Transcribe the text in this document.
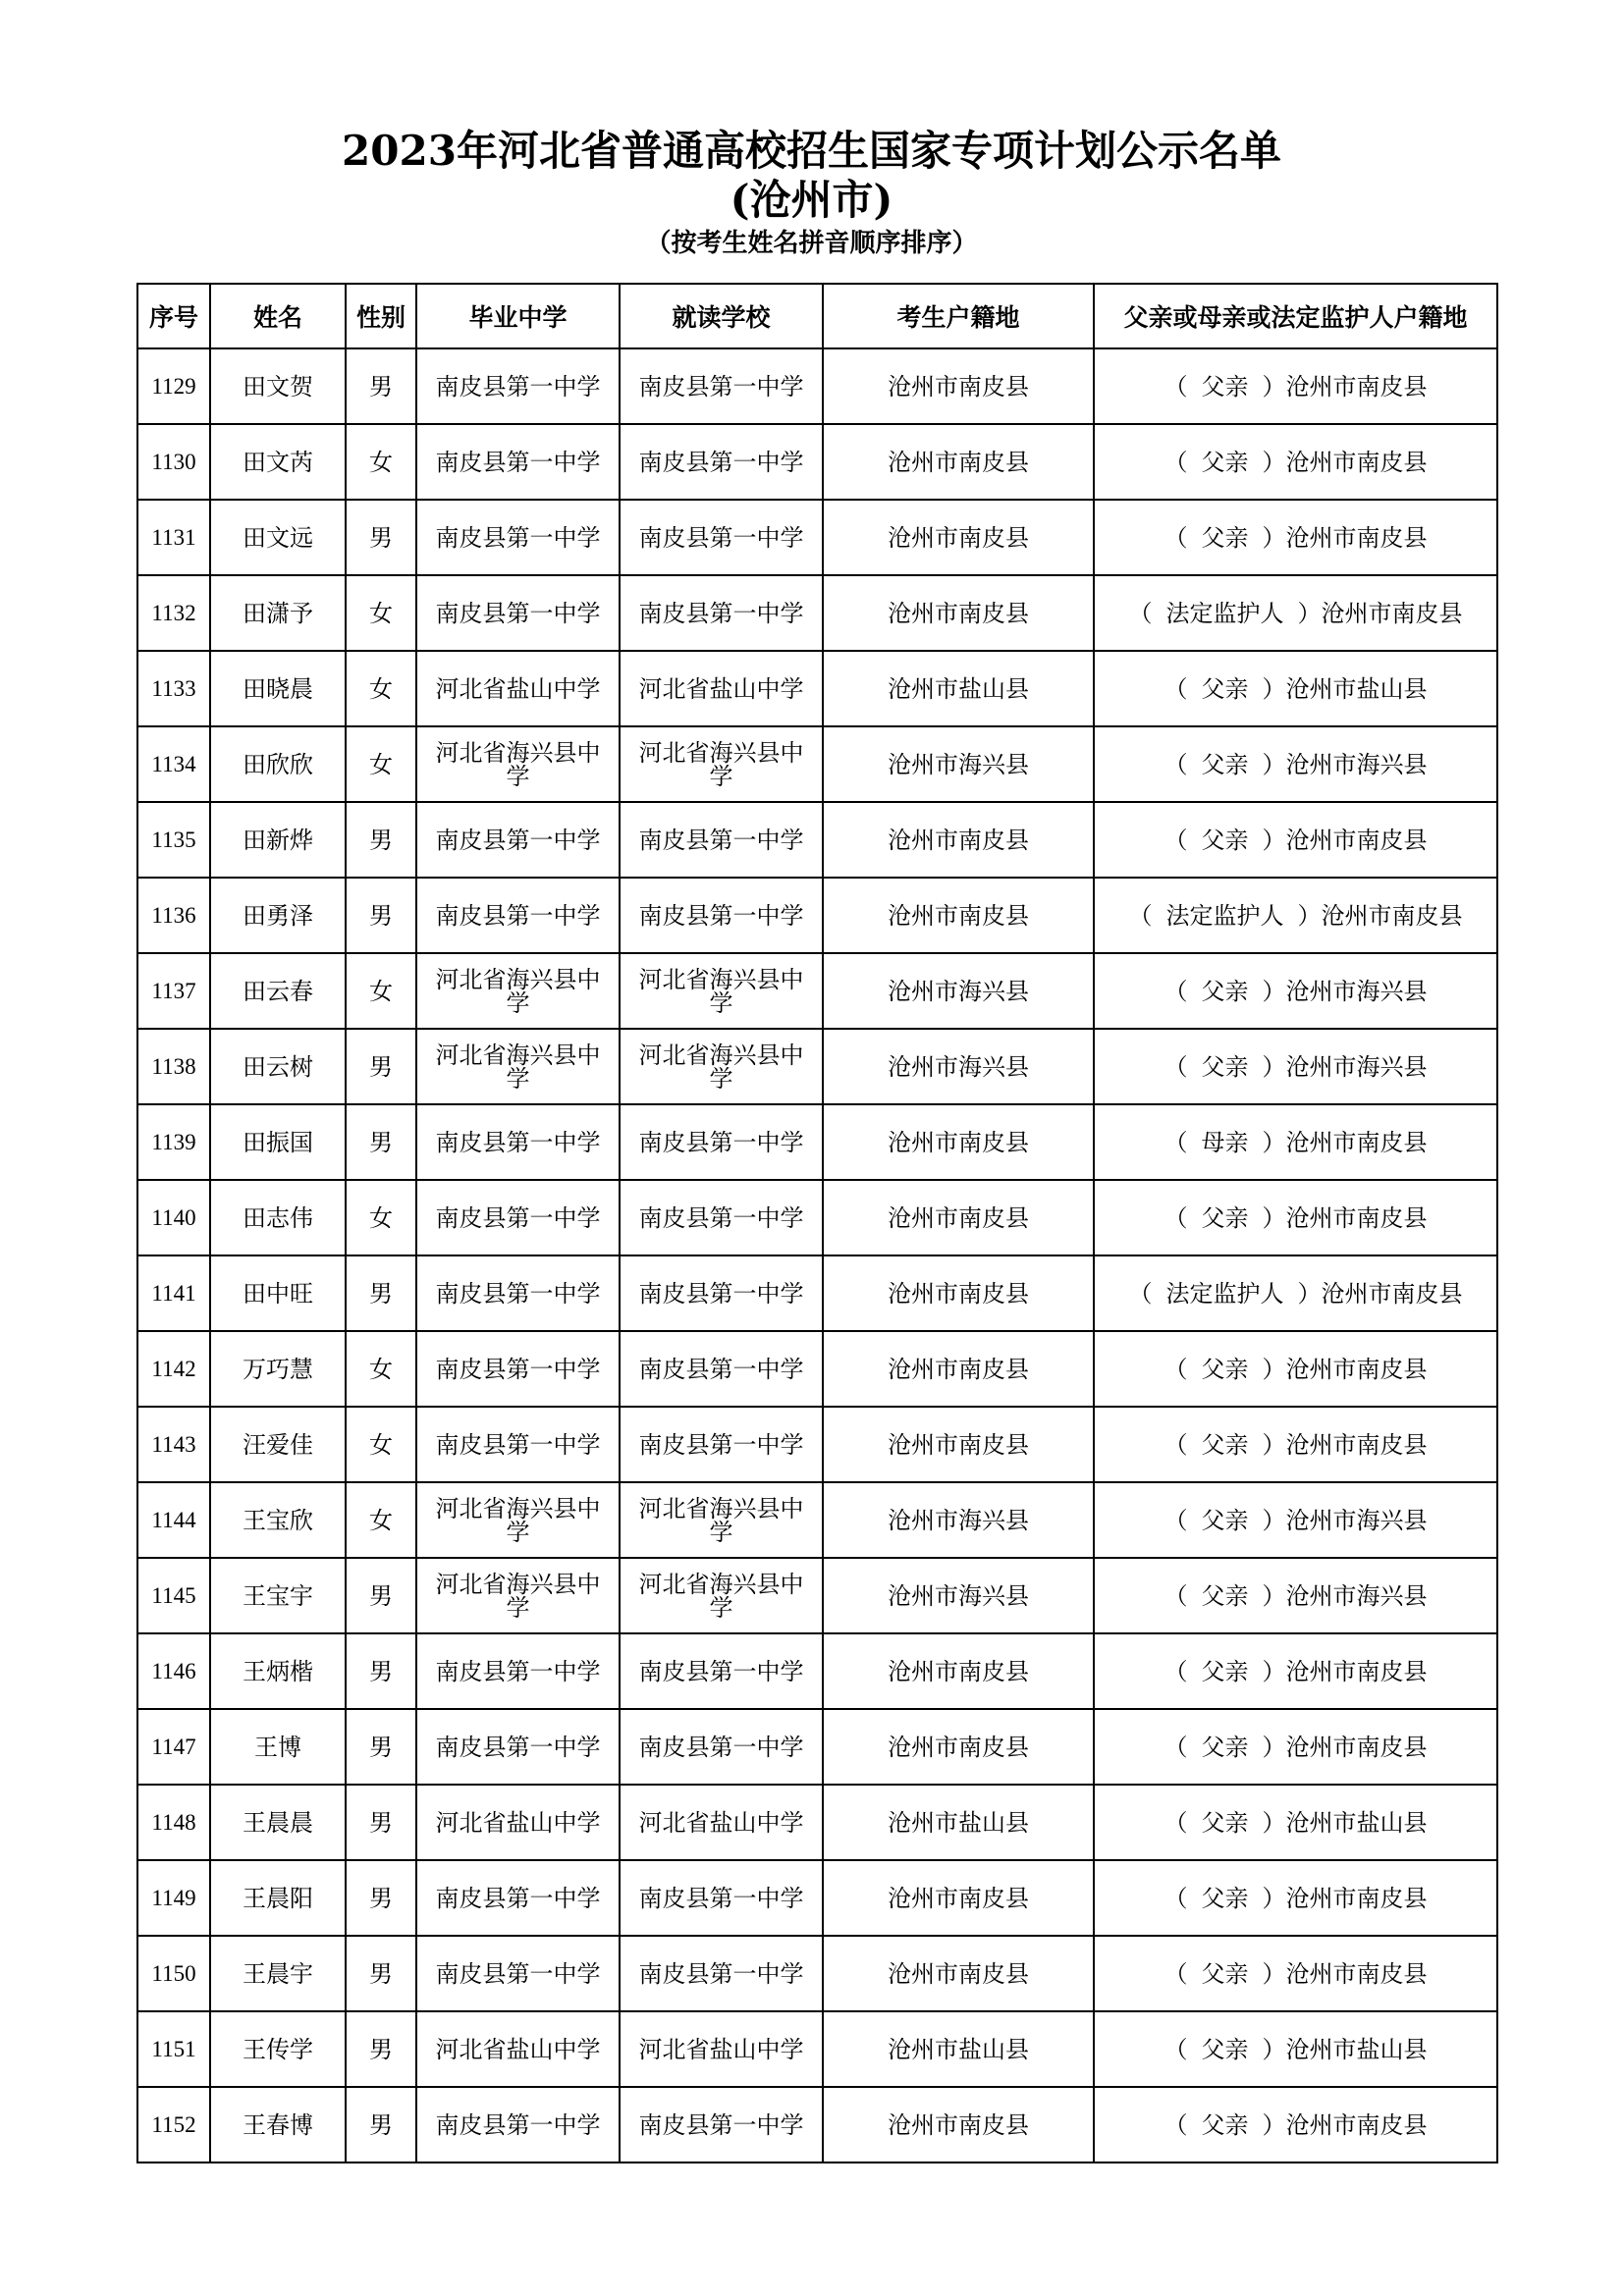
2023年河北省普通高校招生国家专项计划公示名单
(沧州市)
（按考生姓名拼音顺序排序）
序号	姓名	性别	毕业中学	就读学校	考生户籍地	父亲或母亲或法定监护人户籍地
1129	田文贺	男	南皮县第一中学	南皮县第一中学	沧州市南皮县	（ 父亲 ）沧州市南皮县
1130	田文芮	女	南皮县第一中学	南皮县第一中学	沧州市南皮县	（ 父亲 ）沧州市南皮县
1131	田文远	男	南皮县第一中学	南皮县第一中学	沧州市南皮县	（ 父亲 ）沧州市南皮县
1132	田潇予	女	南皮县第一中学	南皮县第一中学	沧州市南皮县	（ 法定监护人 ）沧州市南皮县
1133	田晓晨	女	河北省盐山中学	河北省盐山中学	沧州市盐山县	（ 父亲 ）沧州市盐山县
1134	田欣欣	女	河北省海兴县中学	河北省海兴县中学	沧州市海兴县	（ 父亲 ）沧州市海兴县
1135	田新烨	男	南皮县第一中学	南皮县第一中学	沧州市南皮县	（ 父亲 ）沧州市南皮县
1136	田勇泽	男	南皮县第一中学	南皮县第一中学	沧州市南皮县	（ 法定监护人 ）沧州市南皮县
1137	田云春	女	河北省海兴县中学	河北省海兴县中学	沧州市海兴县	（ 父亲 ）沧州市海兴县
1138	田云树	男	河北省海兴县中学	河北省海兴县中学	沧州市海兴县	（ 父亲 ）沧州市海兴县
1139	田振国	男	南皮县第一中学	南皮县第一中学	沧州市南皮县	（ 母亲 ）沧州市南皮县
1140	田志伟	女	南皮县第一中学	南皮县第一中学	沧州市南皮县	（ 父亲 ）沧州市南皮县
1141	田中旺	男	南皮县第一中学	南皮县第一中学	沧州市南皮县	（ 法定监护人 ）沧州市南皮县
1142	万巧慧	女	南皮县第一中学	南皮县第一中学	沧州市南皮县	（ 父亲 ）沧州市南皮县
1143	汪爱佳	女	南皮县第一中学	南皮县第一中学	沧州市南皮县	（ 父亲 ）沧州市南皮县
1144	王宝欣	女	河北省海兴县中学	河北省海兴县中学	沧州市海兴县	（ 父亲 ）沧州市海兴县
1145	王宝宇	男	河北省海兴县中学	河北省海兴县中学	沧州市海兴县	（ 父亲 ）沧州市海兴县
1146	王炳楷	男	南皮县第一中学	南皮县第一中学	沧州市南皮县	（ 父亲 ）沧州市南皮县
1147	王博	男	南皮县第一中学	南皮县第一中学	沧州市南皮县	（ 父亲 ）沧州市南皮县
1148	王晨晨	男	河北省盐山中学	河北省盐山中学	沧州市盐山县	（ 父亲 ）沧州市盐山县
1149	王晨阳	男	南皮县第一中学	南皮县第一中学	沧州市南皮县	（ 父亲 ）沧州市南皮县
1150	王晨宇	男	南皮县第一中学	南皮县第一中学	沧州市南皮县	（ 父亲 ）沧州市南皮县
1151	王传学	男	河北省盐山中学	河北省盐山中学	沧州市盐山县	（ 父亲 ）沧州市盐山县
1152	王春博	男	南皮县第一中学	南皮县第一中学	沧州市南皮县	（ 父亲 ）沧州市南皮县
